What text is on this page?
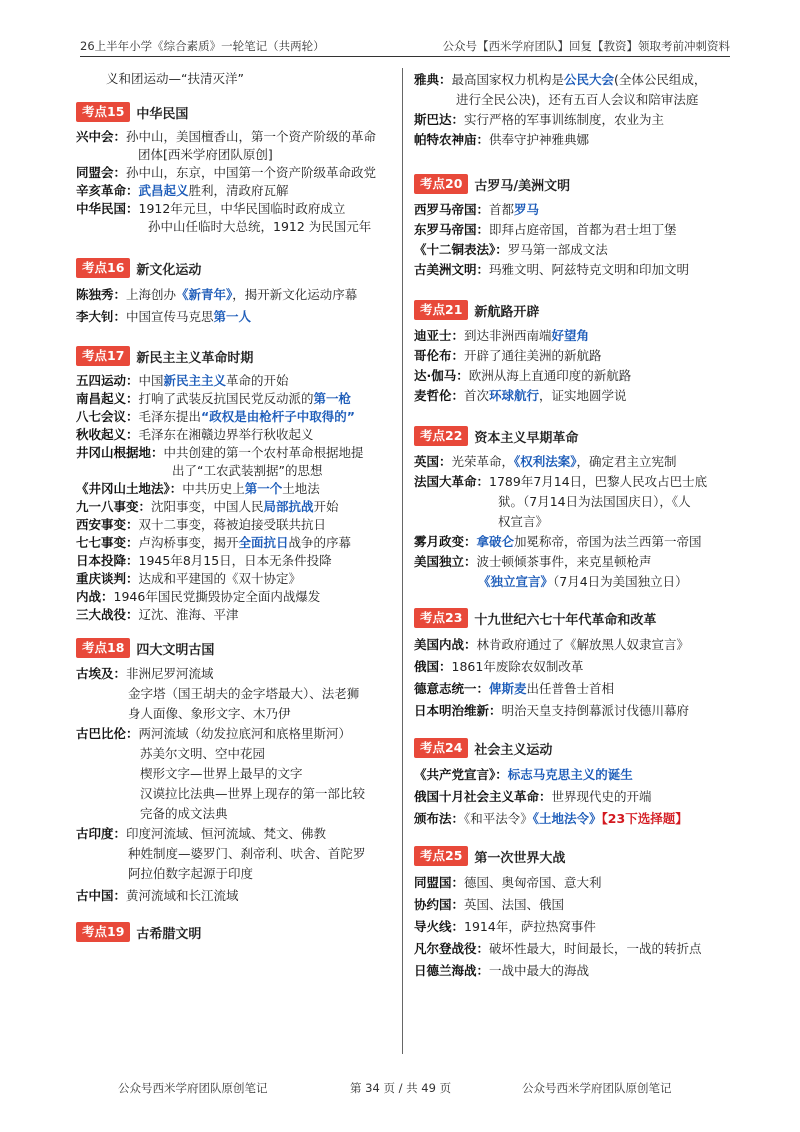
26上半年小学《综合素质》一轮笔记（共两轮）	公众号【西米学府团队】回复【教资】领取考前冲刺资料
义和团运动—“扶清灭洋”
考点15 中华民国
兴中会：孙中山，美国檀香山，第一个资产阶级的革命
团体[西米学府团队原创]
同盟会：孙中山，东京，中国第一个资产阶级革命政党
辛亥革命：武昌起义胜利，清政府瓦解
中华民国：1912年元旦，中华民国临时政府成立
孙中山任临时大总统，1912 为民国元年
考点16 新文化运动
陈独秀：上海创办《新青年》，揭开新文化运动序幕
李大钊：中国宣传马克思第一人
考点17 新民主主义革命时期
五四运动：中国新民主主义革命的开始
南昌起义：打响了武装反抗国民党反动派的第一枪
八七会议：毛泽东提出“政权是由枪杆子中取得的”
秋收起义：毛泽东在湘赣边界举行秋收起义
井冈山根据地：中共创建的第一个农村革命根据地提
出了“工农武装割据”的思想
《井冈山土地法》：中共历史上第一个土地法
九一八事变：沈阳事变，中国人民局部抗战开始
西安事变：双十二事变，蒋被迫接受联共抗日
七七事变：卢沟桥事变，揭开全面抗日战争的序幕
日本投降：1945年8月15日，日本无条件投降
重庆谈判：达成和平建国的《双十协定》
内战：1946年国民党撕毁协定全面内战爆发
三大战役：辽沈、淮海、平津
考点18 四大文明古国
古埃及：非洲尼罗河流域
金字塔（国王胡夫的金字塔最大）、法老狮
身人面像、象形文字、木乃伊
古巴比伦：两河流域（幼发拉底河和底格里斯河）
苏美尔文明、空中花园
楔形文字—世界上最早的文字
汉谟拉比法典—世界上现存的第一部比较
完备的成文法典
古印度：印度河流域、恒河流域、梵文、佛教
种姓制度—婆罗门、刹帝利、吠舍、首陀罗
阿拉伯数字起源于印度
古中国：黄河流域和长江流域
考点19 古希腊文明
雅典：最高国家权力机构是公民大会(全体公民组成，
进行全民公决)，还有五百人会议和陪审法庭
斯巴达：实行严格的军事训练制度，农业为主
帕特农神庙：供奉守护神雅典娜
考点20 古罗马/美洲文明
西罗马帝国：首都罗马
东罗马帝国：即拜占庭帝国，首都为君士坦丁堡
《十二铜表法》：罗马第一部成文法
古美洲文明：玛雅文明、阿兹特克文明和印加文明
考点21 新航路开辟
迪亚士：到达非洲西南端好望角
哥伦布：开辟了通往美洲的新航路
达·伽马：欧洲从海上直通印度的新航路
麦哲伦：首次环球航行，证实地圆学说
考点22 资本主义早期革命
英国：光荣革命，《权利法案》，确定君主立宪制
法国大革命：1789年7月14日，巴黎人民攻占巴士底
狱。（7月14日为法国国庆日），《人
权宣言》
雾月政变：拿破仑加冕称帝，帝国为法兰西第一帝国
美国独立：波士顿倾茶事件，来克星顿枪声
《独立宣言》（7月4日为美国独立日）
考点23 十九世纪六七十年代革命和改革
美国内战：林肯政府通过了《解放黑人奴隶宣言》
俄国：1861年废除农奴制改革
德意志统一：俾斯麦出任普鲁士首相
日本明治维新：明治天皇支持倒幕派讨伐德川幕府
考点24 社会主义运动
《共产党宣言》：标志马克思主义的诞生
俄国十月社会主义革命：世界现代史的开端
颁布法：《和平法令》《土地法令》【23下选择题】
考点25 第一次世界大战
同盟国：德国、奥匈帝国、意大利
协约国：英国、法国、俄国
导火线：1914年，萨拉热窝事件
凡尔登战役：破坏性最大，时间最长，一战的转折点
日德兰海战：一战中最大的海战
公众号西米学府团队原创笔记	第 34 页 / 共 49 页	公众号西米学府团队原创笔记
